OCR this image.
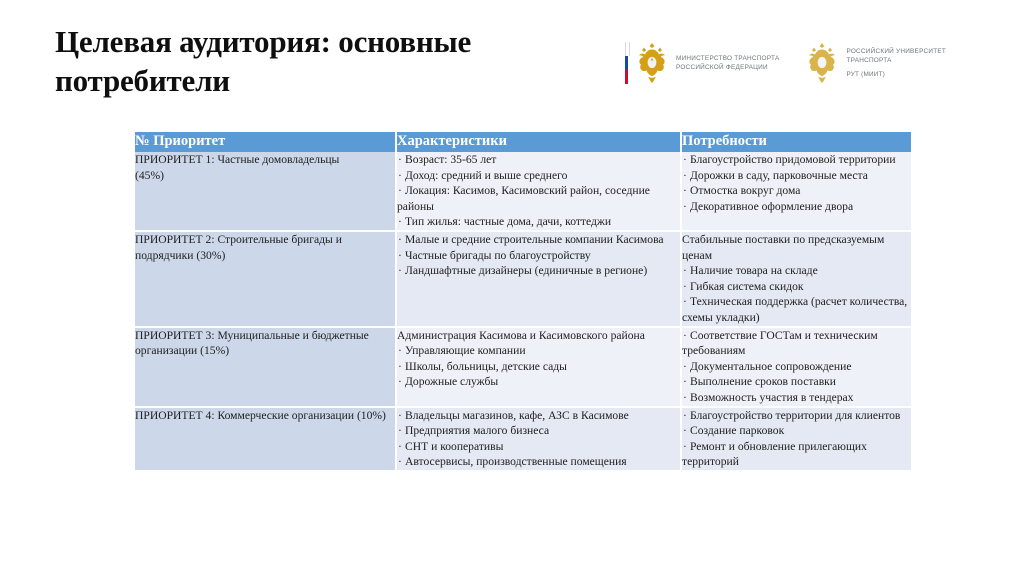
Целевая аудитория: основные потребители
МИНИСТЕРСТВО ТРАНСПОРТА
РОССИЙСКОЙ ФЕДЕРАЦИИ
РОССИЙСКИЙ УНИВЕРСИТЕТ
ТРАНСПОРТА
РУТ (МИИТ)
№ Приоритет	Характеристики	Потребности

ПРИОРИТЕТ 1: Частные домовладельцы
(45%)	· Возраст: 35-65 лет
· Доход: средний и выше среднего
· Локация: Касимов, Касимовский район, соседние районы
· Тип жилья: частные дома, дачи, коттеджи	· Благоустройство придомовой территории
· Дорожки в саду, парковочные места
· Отмостка вокруг дома
· Декоративное оформление двора

ПРИОРИТЕТ 2: Строительные бригады и подрядчики (30%)	· Малые и средние строительные компании Касимова
· Частные бригады по благоустройству
· Ландшафтные дизайнеры (единичные в регионе)	Стабильные поставки по предсказуемым ценам
· Наличие товара на складе
· Гибкая система скидок
· Техническая поддержка (расчет количества, схемы укладки)

ПРИОРИТЕТ 3: Муниципальные и бюджетные организации (15%)	Администрация Касимова и Касимовского района
· Управляющие компании
· Школы, больницы, детские сады
· Дорожные службы	· Соответствие ГОСТам и техническим требованиям
· Документальное сопровождение
· Выполнение сроков поставки
· Возможность участия в тендерах

ПРИОРИТЕТ 4: Коммерческие организации (10%)	· Владельцы магазинов, кафе, АЗС в Касимове
· Предприятия малого бизнеса
· СНТ и кооперативы
· Автосервисы, производственные помещения	· Благоустройство территории для клиентов
· Создание парковок
· Ремонт и обновление прилегающих территорий
